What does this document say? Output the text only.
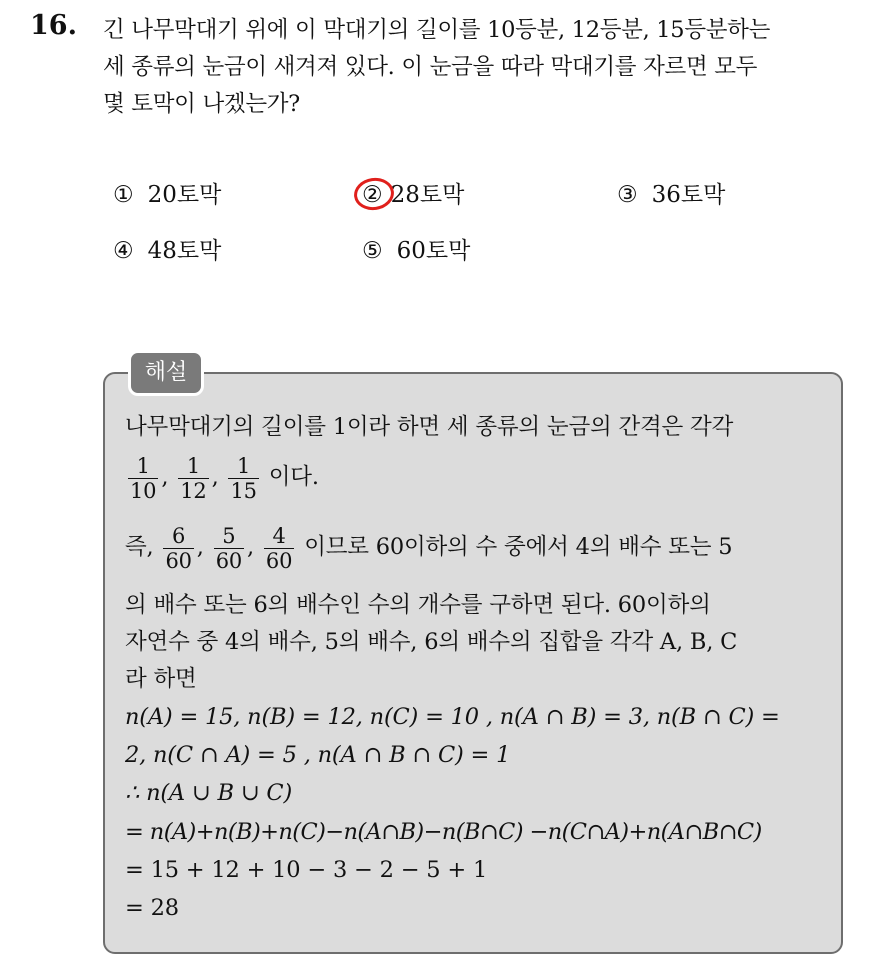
16. 긴 나무막대기 위에 이 막대기의 길이를 10등분, 12등분, 15등분하는
세 종류의 눈금이 새겨져 있다. 이 눈금을 따라 막대기를 자르면 모두
몇 토막이 나겠는가?
① 20토막	② 28토막	③ 36토막
④ 48토막	⑤ 60토막
해설
나무막대기의 길이를 1이라 하면 세 종류의 눈금의 간격은 각각
$\frac{1}{10}$ , $\frac{1}{12}$ , $\frac{1}{15}$ 이다.
즉, $\frac{6}{60}$ , $\frac{5}{60}$ , $\frac{4}{60}$ 이므로 60이하의 수 중에서 4의 배수 또는 5
의 배수 또는 6의 배수인 수의 개수를 구하면 된다. 60이하의
자연수 중 4의 배수, 5의 배수, 6의 배수의 집합을 각각 A, B, C
라 하면
n(A) = 15, n(B) = 12, n(C) = 10 , n(A ∩ B) = 3, n(B ∩ C) =
2, n(C ∩ A) = 5 , n(A ∩ B ∩ C) = 1
∴ n(A ∪ B ∪ C)
= n(A)+n(B)+n(C)−n(A∩B)−n(B∩C) −n(C∩A)+n(A∩B∩C)
= 15 + 12 + 10 − 3 − 2 − 5 + 1
= 28
